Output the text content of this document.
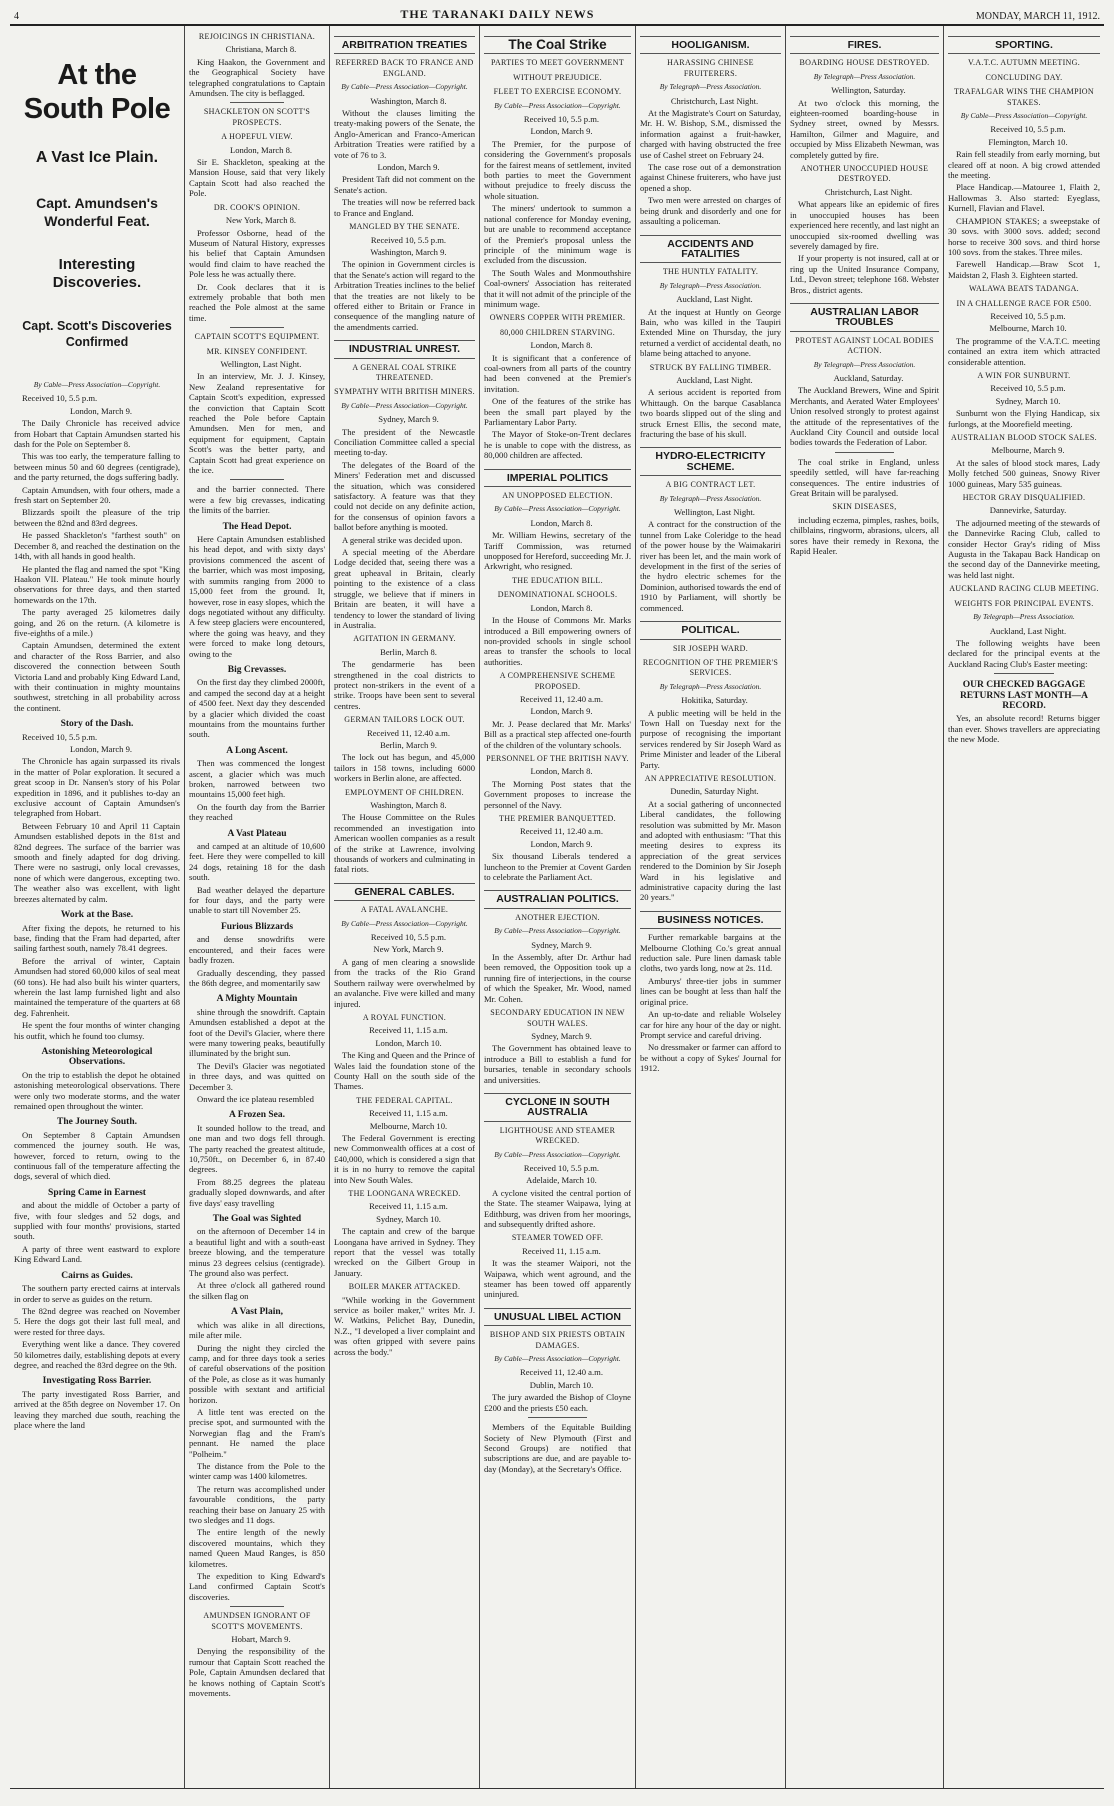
4	THE TARANAKI DAILY NEWS	MONDAY, MARCH 11, 1912.
At the South Pole
A Vast Ice Plain.
Capt. Amundsen's Wonderful Feat.
Interesting Discoveries.
Capt. Scott's Discoveries Confirmed
By Cable—Press Association—Copyright.

Received 10, 5.5 p.m.

London, March 9.

The Daily Chronicle has received advice from Hobart that Captain Amundsen started his dash for the Pole on September 8.

This was too early, the temperature falling to between minus 50 and 60 degrees (centigrade), and the party returned, the dogs suffering badly.

Captain Amundsen, with four others, made a fresh start on September 20.

Blizzards spoilt the pleasure of the trip between the 82nd and 83rd degrees.

He passed Shackleton's "farthest south" on December 8, and reached the destination on the 14th, with all hands in good health.

He planted the flag and named the spot "King Haakon VII. Plateau." He took minute hourly observations for three days, and then started homewards on the 17th.

The party averaged 25 kilometres daily going, and 26 on the return. (A kilometre is five-eighths of a mile.)

Captain Amundsen, determined the extent and character of the Ross Barrier, and also discovered the connection between South Victoria Land and probably King Edward Land, with their continuation in mighty mountains southwest, stretching in all probability across the continent.

Story of the Dash.

Received 10, 5.5 p.m.

London, March 9.

The Chronicle has again surpassed its rivals in the matter of Polar exploration. It secured a great scoop in Dr. Nansen's story of his Polar expedition in 1896, and it publishes to-day an exclusive account of Captain Amundsen's telegraphed from Hobart.

Between February 10 and April 11 Captain Amundsen established depots in the 81st and 82nd degrees. The surface of the barrier was smooth and finely adapted for dog driving. There were no sastrugi, only local crevasses, none of which were dangerous, excepting two. The weather also was excellent, with light breezes alternated by calm.

Work at the Base.

After fixing the depots, he returned to his base, finding that the Fram had departed, after sailing farthest south, namely 78.41 degrees.

Before the arrival of winter, Captain Amundsen had stored 60,000 kilos of seal meat (60 tons). He had also built his winter quarters, wherein the last lamp furnished light and also maintained the temperature of the quarters at 68 deg. Fahrenheit.

He spent the four months of winter changing his outfit, which he found too clumsy.

Astonishing Meteorological Observations.

On the trip to establish the depot he obtained astonishing meteorological observations. There were only two moderate storms, and the water remained open throughout the winter.

The Journey South.

On September 8 Captain Amundsen commenced the journey south. He was, however, forced to return, owing to the continuous fall of the temperature affecting the dogs, several of which died.

Spring Came in Earnest

and about the middle of October a party of five, with four sledges and 52 dogs, and supplied with four months' provisions, started south.

A party of three went eastward to explore King Edward Land.

Cairns as Guides.

The southern party erected cairns at intervals in order to serve as guides on the return.

The 82nd degree was reached on November 5. Here the dogs got their last full meal, and were rested for three days.

Everything went like a dance. They covered 50 kilometres daily, establishing depots at every degree, and reached the 83rd degree on the 9th.

Investigating Ross Barrier.

The party investigated Ross Barrier, and arrived at the 85th degree on November 17. On leaving they marched due south, reaching the place where the land

REJOICINGS IN CHRISTIANA.

Christiana, March 8.

King Haakon, the Government and the Geographical Society have telegraphed congratulations to Captain Amundsen. The city is beflagged.

SHACKLETON ON SCOTT'S PROSPECTS.
A HOPEFUL VIEW.

London, March 8.

Sir E. Shackleton, speaking at the Mansion House, said that very likely Captain Scott had also reached the Pole.

DR. COOK'S OPINION.

New York, March 8.

Professor Osborne, head of the Museum of Natural History, expresses his belief that Captain Amundsen would find claim to have reached the Pole less he was actually there.

Dr. Cook declares that it is extremely probable that both men reached the Pole almost at the same time.

CAPTAIN SCOTT'S EQUIPMENT.
MR. KINSEY CONFIDENT.

Wellington, Last Night.

In an interview, Mr. J. J. Kinsey, New Zealand representative for Captain Scott's expedition, expressed the conviction that Captain Scott reached the Pole before Captain Amundsen. Men for men, and equipment for equipment, Captain Scott's was the better party, and Captain Scott had great experience on the ice.

and the barrier connected. There were a few big crevasses, indicating the limits of the barrier.

The Head Depot.

Here Captain Amundsen established his head depot, and with sixty days' provisions commenced the ascent of the barrier, which was most imposing, with summits ranging from 2000 to 15,000 feet from the ground. It, however, rose in easy slopes, which the dogs negotiated without any difficulty. A few steep glaciers were encountered, where the going was heavy, and they were forced to make long detours, owing to the

Big Crevasses.

On the first day they climbed 2000ft, and camped the second day at a height of 4500 feet. Next day they descended by a glacier which divided the coast mountains from the mountains further south.

A Long Ascent.

Then was commenced the longest ascent, a glacier which was much broken, narrowed between two mountains 15,000 feet high.

On the fourth day from the Barrier they reached

A Vast Plateau

and camped at an altitude of 10,600 feet. Here they were compelled to kill 24 dogs, retaining 18 for the dash south.

Bad weather delayed the departure for four days, and the party were unable to start till November 25.

Furious Blizzards

and dense snowdrifts were encountered, and their faces were badly frozen.

Gradually descending, they passed the 86th degree, and momentarily saw

A Mighty Mountain

shine through the snowdrift. Captain Amundsen established a depot at the foot of the Devil's Glacier, where there were many towering peaks, beautifully illuminated by the bright sun.

The Devil's Glacier was negotiated in three days, and was quitted on December 3.

Onward the ice plateau resembled

A Frozen Sea.

It sounded hollow to the tread, and one man and two dogs fell through. The party reached the greatest altitude, 10,750ft., on December 6, in 87.40 degrees.

From 88.25 degrees the plateau gradually sloped downwards, and after five days' easy travelling

The Goal was Sighted

on the afternoon of December 14 in a beautiful light and with a south-east breeze blowing, and the temperature minus 23 degrees celsius (centigrade). The ground also was perfect.

At three o'clock all gathered round the silken flag on

A Vast Plain,

which was alike in all directions, mile after mile.

During the night they circled the camp, and for three days took a series of careful observations of the position of the Pole, as close as it was humanly possible with sextant and artificial horizon.

A little tent was erected on the precise spot, and surmounted with the Norwegian flag and the Fram's pennant. He named the place "Polheim."

The distance from the Pole to the winter camp was 1400 kilometres.

The return was accomplished under favourable conditions, the party reaching their base on January 25 with two sledges and 11 dogs.

The entire length of the newly discovered mountains, which they named Queen Maud Ranges, is 850 kilometres.

The expedition to King Edward's Land confirmed Captain Scott's discoveries.

AMUNDSEN IGNORANT OF SCOTT'S MOVEMENTS.

Hobart, March 9.

Denying the responsibility of the rumour that Captain Scott reached the Pole, Captain Amundsen declared that he knows nothing of Captain Scott's movements.

ARBITRATION TREATIES
REFERRED BACK TO FRANCE AND ENGLAND.
By Cable—Press Association—Copyright.

Washington, March 8.

Without the clauses limiting the treaty-making powers of the Senate, the Anglo-American and Franco-American Arbitration Treaties were ratified by a vote of 76 to 3.

London, March 9.

President Taft did not comment on the Senate's action.

The treaties will now be referred back to France and England.

MANGLED BY THE SENATE.

Received 10, 5.5 p.m.

Washington, March 9.

The opinion in Government circles is that the Senate's action will regard to the Arbitration Treaties inclines to the belief that the treaties are not likely to be offered either to Britain or France in consequence of the mangling nature of the amendments carried.

INDUSTRIAL UNREST.
A GENERAL COAL STRIKE THREATENED.
SYMPATHY WITH BRITISH MINERS.
By Cable—Press Association—Copyright.

Sydney, March 9.

The president of the Newcastle Conciliation Committee called a special meeting to-day.

The delegates of the Board of the Miners' Federation met and discussed the situation, which was considered satisfactory. A feature was that they could not decide on any definite action, for the consensus of opinion favors a ballot before anything is mooted.

A general strike was decided upon.

A special meeting of the Aberdare Lodge decided that, seeing there was a great upheaval in Britain, clearly pointing to the existence of a class struggle, we believe that if miners in Britain are beaten, it will have a tendency to lower the standard of living in Australia.

AGITATION IN GERMANY.

Berlin, March 8.

The gendarmerie has been strengthened in the coal districts to protect non-strikers in the event of a strike. Troops have been sent to several centres.

GERMAN TAILORS LOCK OUT.

Received 11, 12.40 a.m.

Berlin, March 9.

The lock out has begun, and 45,000 tailors in 158 towns, including 6000 workers in Berlin alone, are affected.

EMPLOYMENT OF CHILDREN.

Washington, March 8.

The House Committee on the Rules recommended an investigation into American woollen companies as a result of the strike at Lawrence, involving thousands of workers and culminating in fatal riots.

GENERAL CABLES.
A FATAL AVALANCHE.
By Cable—Press Association—Copyright.

Received 10, 5.5 p.m.

New York, March 9.

A gang of men clearing a snowslide from the tracks of the Rio Grand Southern railway were overwhelmed by an avalanche. Five were killed and many injured.

A ROYAL FUNCTION.

Received 11, 1.15 a.m.

London, March 10.

The King and Queen and the Prince of Wales laid the foundation stone of the County Hall on the south side of the Thames.

THE FEDERAL CAPITAL.

Received 11, 1.15 a.m.

Melbourne, March 10.

The Federal Government is erecting new Commonwealth offices at a cost of £40,000, which is considered a sign that it is in no hurry to remove the capital into New South Wales.

THE LOONGANA WRECKED.

Received 11, 1.15 a.m.

Sydney, March 10.

The captain and crew of the barque Loongana have arrived in Sydney. They report that the vessel was totally wrecked on the Gilbert Group in January.

BOILER MAKER ATTACKED.

"While working in the Government service as boiler maker," writes Mr. J. W. Watkins, Pelichet Bay, Dunedin, N.Z., "I developed a liver complaint and was often gripped with severe pains across the body."

The Coal Strike
PARTIES TO MEET GOVERNMENT
WITHOUT PREJUDICE.
FLEET TO EXERCISE ECONOMY.
By Cable—Press Association—Copyright.

Received 10, 5.5 p.m.

London, March 9.

The Premier, for the purpose of considering the Government's proposals for the fairest means of settlement, invited both parties to meet the Government without prejudice to freely discuss the whole situation.

The miners' undertook to summon a national conference for Monday evening, but are unable to recommend acceptance of the Premier's proposal unless the principle of the minimum wage is excluded from the discussion.

The South Wales and Monmouthshire Coal-owners' Association has reiterated that it will not admit of the principle of the minimum wage.

OWNERS COPPER WITH PREMIER.
80,000 CHILDREN STARVING.

London, March 8.

It is significant that a conference of coal-owners from all parts of the country had been convened at the Premier's invitation.

One of the features of the strike has been the small part played by the Parliamentary Labor Party.

The Mayor of Stoke-on-Trent declares he is unable to cope with the distress, as 80,000 children are affected.

IMPERIAL POLITICS
AN UNOPPOSED ELECTION.
By Cable—Press Association—Copyright.

London, March 8.

Mr. William Hewins, secretary of the Tariff Commission, was returned unopposed for Hereford, succeeding Mr. J. Arkwright, who resigned.

THE EDUCATION BILL.
DENOMINATIONAL SCHOOLS.

London, March 8.

In the House of Commons Mr. Marks introduced a Bill empowering owners of non-provided schools in single school areas to transfer the schools to local authorities.

A COMPREHENSIVE SCHEME PROPOSED.

Received 11, 12.40 a.m.

London, March 9.

Mr. J. Pease declared that Mr. Marks' Bill as a practical step affected one-fourth of the children of the voluntary schools.

PERSONNEL OF THE BRITISH NAVY.

London, March 8.

The Morning Post states that the Government proposes to increase the personnel of the Navy.

THE PREMIER BANQUETTED.

Received 11, 12.40 a.m.

London, March 9.

Six thousand Liberals tendered a luncheon to the Premier at Covent Garden to celebrate the Parliament Act.

AUSTRALIAN POLITICS.
ANOTHER EJECTION.
By Cable—Press Association—Copyright.

Sydney, March 9.

In the Assembly, after Dr. Arthur had been removed, the Opposition took up a running fire of interjections, in the course of which the Speaker, Mr. Wood, named Mr. Cohen.

SECONDARY EDUCATION IN NEW SOUTH WALES.

Sydney, March 9.

The Government has obtained leave to introduce a Bill to establish a fund for bursaries, tenable in secondary schools and universities.

CYCLONE IN SOUTH AUSTRALIA
LIGHTHOUSE AND STEAMER WRECKED.
By Cable—Press Association—Copyright.

Received 10, 5.5 p.m.

Adelaide, March 10.

A cyclone visited the central portion of the State. The steamer Waipawa, lying at Edithburg, was driven from her moorings, and subsequently drifted ashore.

STEAMER TOWED OFF.

Received 11, 1.15 a.m.

It was the steamer Waipori, not the Waipawa, which went aground, and the steamer has been towed off apparently uninjured.

UNUSUAL LIBEL ACTION
BISHOP AND SIX PRIESTS OBTAIN DAMAGES.
By Cable—Press Association—Copyright.

Received 11, 12.40 a.m.

Dublin, March 10.

The jury awarded the Bishop of Cloyne £200 and the priests £50 each.

Members of the Equitable Building Society of New Plymouth (First and Second Groups) are notified that subscriptions are due, and are payable to-day (Monday), at the Secretary's Office.

HOOLIGANISM.
HARASSING CHINESE FRUITERERS.
By Telegraph—Press Association.

Christchurch, Last Night.

At the Magistrate's Court on Saturday, Mr. H. W. Bishop, S.M., dismissed the information against a fruit-hawker, charged with having obstructed the free use of Cashel street on February 24.

The case rose out of a demonstration against Chinese fruiterers, who have just opened a shop.

Two men were arrested on charges of being drunk and disorderly and one for assaulting a policeman.

ACCIDENTS AND FATALITIES
THE HUNTLY FATALITY.
By Telegraph—Press Association.

Auckland, Last Night.

At the inquest at Huntly on George Bain, who was killed in the Taupiri Extended Mine on Thursday, the jury returned a verdict of accidental death, no blame being attached to anyone.

STRUCK BY FALLING TIMBER.

Auckland, Last Night.

A serious accident is reported from Whittaugh. On the barque Casablanca two boards slipped out of the sling and struck Ernest Ellis, the second mate, fracturing the base of his skull.

HYDRO-ELECTRICITY SCHEME.
A BIG CONTRACT LET.
By Telegraph—Press Association.

Wellington, Last Night.

A contract for the construction of the tunnel from Lake Coleridge to the head of the power house by the Waimakariri river has been let, and the main work of development in the first of the series of the hydro electric schemes for the Dominion, authorised towards the end of 1910 by Parliament, will shortly be commenced.

POLITICAL.
SIR JOSEPH WARD.
RECOGNITION OF THE PREMIER'S SERVICES.
By Telegraph—Press Association.

Hokitika, Saturday.

A public meeting will be held in the Town Hall on Tuesday next for the purpose of recognising the important services rendered by Sir Joseph Ward as Prime Minister and leader of the Liberal Party.

AN APPRECIATIVE RESOLUTION.

Dunedin, Saturday Night.

At a social gathering of unconnected Liberal candidates, the following resolution was submitted by Mr. Mason and adopted with enthusiasm: "That this meeting desires to express its appreciation of the great services rendered to the Dominion by Sir Joseph Ward in his legislative and administrative capacity during the last 20 years."

BUSINESS NOTICES.

Further remarkable bargains at the Melbourne Clothing Co.'s great annual reduction sale. Pure linen damask table cloths, two yards long, now at 2s. 11d.

Amburys' three-tier jobs in summer lines can be bought at less than half the original price.

An up-to-date and reliable Wolseley car for hire any hour of the day or night. Prompt service and careful driving.

No dressmaker or farmer can afford to be without a copy of Sykes' Journal for 1912.

FIRES.
BOARDING HOUSE DESTROYED.
By Telegraph—Press Association.

Wellington, Saturday.

At two o'clock this morning, the eighteen-roomed boarding-house in Sydney street, owned by Messrs. Hamilton, Gilmer and Maguire, and occupied by Miss Elizabeth Newman, was completely gutted by fire.

ANOTHER UNOCCUPIED HOUSE DESTROYED.

Christchurch, Last Night.

What appears like an epidemic of fires in unoccupied houses has been experienced here recently, and last night an unoccupied six-roomed dwelling was severely damaged by fire.

If your property is not insured, call at or ring up the United Insurance Company, Ltd., Devon street; telephone 168. Webster Bros., district agents.

AUSTRALIAN LABOR TROUBLES
PROTEST AGAINST LOCAL BODIES ACTION.
By Telegraph—Press Association.

Auckland, Saturday.

The Auckland Brewers, Wine and Spirit Merchants, and Aerated Water Employees' Union resolved strongly to protest against the attitude of the representatives of the Auckland City Council and outside local bodies towards the Federation of Labor.

The coal strike in England, unless speedily settled, will have far-reaching consequences. The entire industries of Great Britain will be paralysed.

SKIN DISEASES,

including eczema, pimples, rashes, boils, chilblains, ringworm, abrasions, ulcers, all sores have their remedy in Rexona, the Rapid Healer.

SPORTING.
V.A.T.C. AUTUMN MEETING.
CONCLUDING DAY.
TRAFALGAR WINS THE CHAMPION STAKES.
By Cable—Press Association—Copyright.

Received 10, 5.5 p.m.

Flemington, March 10.

Rain fell steadily from early morning, but cleared off at noon. A big crowd attended the meeting.

Place Handicap.—Matouree 1, Flaith 2, Hallowmas 3. Also started: Eyeglass, Kurnell, Flavian and Flavel.

CHAMPION STAKES; a sweepstake of 30 sovs. with 3000 sovs. added; second horse to receive 300 sovs. and third horse 100 sovs. from the stakes. Three miles.

Farewell Handicap.—Braw Scot 1, Maidstan 2, Flash 3. Eighteen started.

WALAWA BEATS TADANGA.
IN A CHALLENGE RACE FOR £500.

Received 10, 5.5 p.m.

Melbourne, March 10.

The programme of the V.A.T.C. meeting contained an extra item which attracted considerable attention.

A WIN FOR SUNBURNT.

Received 10, 5.5 p.m.

Sydney, March 10.

Sunburnt won the Flying Handicap, six furlongs, at the Moorefield meeting.

AUSTRALIAN BLOOD STOCK SALES.

Melbourne, March 9.

At the sales of blood stock mares, Lady Molly fetched 500 guineas, Snowy River 1000 guineas, Mary 535 guineas.

HECTOR GRAY DISQUALIFIED.

Dannevirke, Saturday.

The adjourned meeting of the stewards of the Dannevirke Racing Club, called to consider Hector Gray's riding of Miss Augusta in the Takapau Back Handicap on the second day of the Dannevirke meeting, was held last night.

AUCKLAND RACING CLUB MEETING.
WEIGHTS FOR PRINCIPAL EVENTS.
By Telegraph—Press Association.

Auckland, Last Night.

The following weights have been declared for the principal events at the Auckland Racing Club's Easter meeting:

OUR CHECKED BAGGAGE RETURNS LAST MONTH—A RECORD.

Yes, an absolute record! Returns bigger than ever. Shows travellers are appreciating the new Mode.
